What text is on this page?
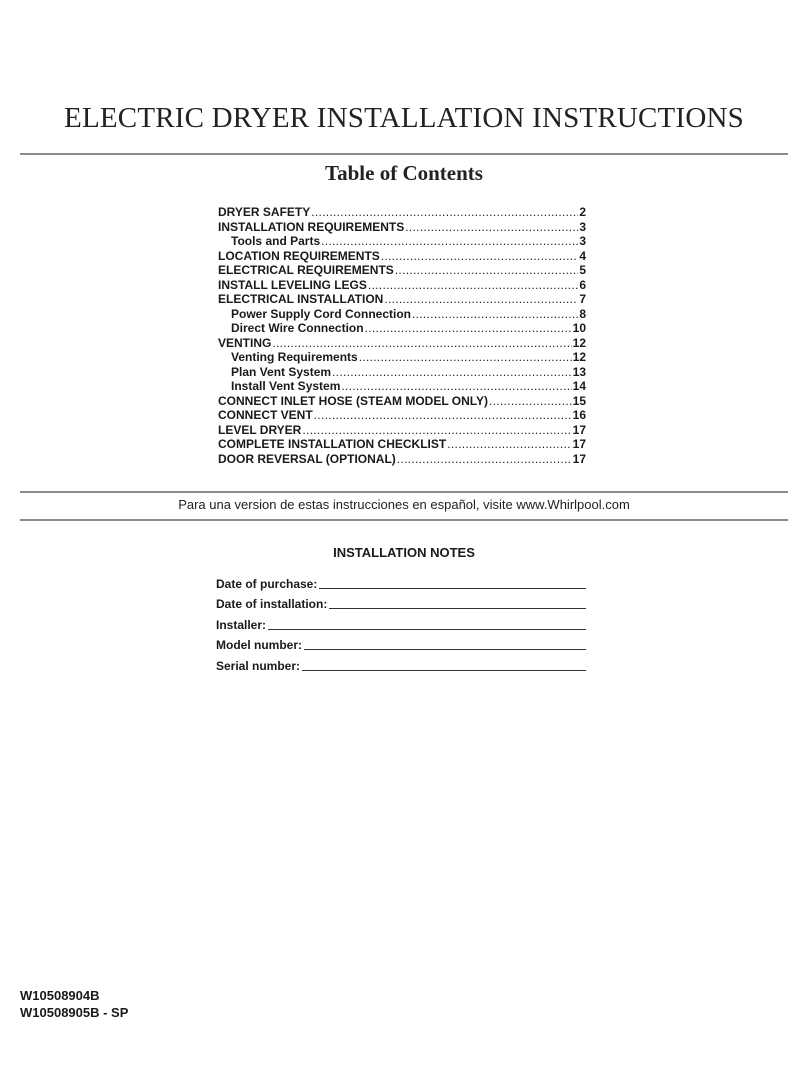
ELECTRIC DRYER INSTALLATION INSTRUCTIONS
Table of Contents
DRYER SAFETY .....	2
INSTALLATION REQUIREMENTS .....	3
Tools and Parts .....	3
LOCATION REQUIREMENTS .....	4
ELECTRICAL REQUIREMENTS .....	5
INSTALL LEVELING LEGS .....	6
ELECTRICAL INSTALLATION .....	7
Power Supply Cord Connection .....	8
Direct Wire Connection .....	10
VENTING .....	12
Venting Requirements .....	12
Plan Vent System .....	13
Install Vent System .....	14
CONNECT INLET HOSE (STEAM MODEL ONLY) .....	15
CONNECT VENT .....	16
LEVEL DRYER .....	17
COMPLETE INSTALLATION CHECKLIST .....	17
DOOR REVERSAL (OPTIONAL) .....	17
Para una version de estas instrucciones en español, visite www.Whirlpool.com
INSTALLATION NOTES
Date of purchase:
Date of installation:
Installer:
Model number:
Serial number:
W10508904B
W10508905B - SP
